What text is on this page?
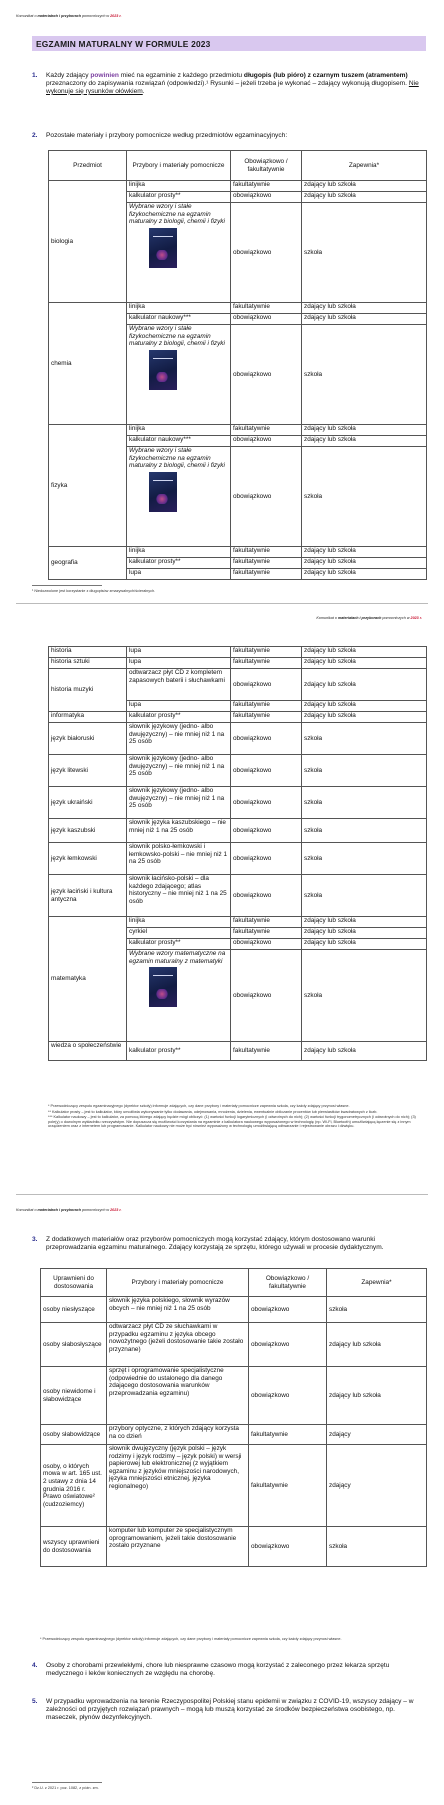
Komunikat o materiałach i przyborach pomocniczych w 2023 r.
EGZAMIN MATURALNY W FORMULE 2023
1. Każdy zdający powinien mieć na egzaminie z każdego przedmiotu długopis (lub pióro) z czarnym tuszem (atramentem) przeznaczony do zapisywania rozwiązań (odpowiedzi).¹ Rysunki – jeżeli trzeba je wykonać – zdający wykonują długopisem. Nie wykonuje się rysunków ołówkiem.
2. Pozostałe materiały i przybory pomocnicze według przedmiotów egzaminacyjnych:
Przedmiot	Przybory i materiały pomocnicze	Obowiązkowo / fakultatywnie	Zapewnia*
biologia	linijka	fakultatywnie	zdający lub szkoła
	kalkulator prosty**	obowiązkowo	zdający lub szkoła
	Wybrane wzory i stałe fizykochemiczne na egzamin maturalny z biologii, chemii i fizyki	obowiązkowo	szkoła
chemia	linijka	fakultatywnie	zdający lub szkoła
	kalkulator naukowy***	obowiązkowo	zdający lub szkoła
	Wybrane wzory i stałe fizykochemiczne na egzamin maturalny z biologii, chemii i fizyki	obowiązkowo	szkoła
fizyka	linijka	fakultatywnie	zdający lub szkoła
	kalkulator naukowy***	obowiązkowo	zdający lub szkoła
	Wybrane wzory i stałe fizykochemiczne na egzamin maturalny z biologii, chemii i fizyki	obowiązkowo	szkoła
geografia	linijka	fakultatywnie	zdający lub szkoła
	kalkulator prosty**	fakultatywnie	zdający lub szkoła
	lupa	fakultatywnie	zdający lub szkoła
¹ Niedozwolone jest korzystanie z długopisów zmazywalnych/ścieralnych.
Komunikat o materiałach i przyborach pomocniczych w 2023 r.
historia	lupa	fakultatywnie	zdający lub szkoła
historia sztuki	lupa	fakultatywnie	zdający lub szkoła
historia muzyki	odtwarzacz płyt CD z kompletem zapasowych baterii i słuchawkami	obowiązkowo	zdający lub szkoła
	lupa	fakultatywnie	zdający lub szkoła
informatyka	kalkulator prosty**	fakultatywnie	zdający lub szkoła
język białoruski	słownik językowy (jedno- albo dwujęzyczny) – nie mniej niż 1 na 25 osób	obowiązkowo	szkoła
język litewski	słownik językowy (jedno- albo dwujęzyczny) – nie mniej niż 1 na 25 osób	obowiązkowo	szkoła
język ukraiński	słownik językowy (jedno- albo dwujęzyczny) – nie mniej niż 1 na 25 osób	obowiązkowo	szkoła
język kaszubski	słownik języka kaszubskiego – nie mniej niż 1 na 25 osób	obowiązkowo	szkoła
język łemkowski	słownik polsko-łemkowski i łemkowsko-polski – nie mniej niż 1 na 25 osób	obowiązkowo	szkoła
język łaciński i kultura antyczna	słownik łacińsko-polski – dla każdego zdającego; atlas historyczny – nie mniej niż 1 na 25 osób	obowiązkowo	szkoła
matematyka	linijka	fakultatywnie	zdający lub szkoła
	cyrkiel	fakultatywnie	zdający lub szkoła
	kalkulator prosty**	obowiązkowo	zdający lub szkoła
	Wybrane wzory matematyczne na egzamin maturalny z matematyki	obowiązkowo	szkoła
wiedza o społeczeństwie	kalkulator prosty**	fakultatywnie	zdający lub szkoła
* Przewodniczący zespołu egzaminacyjnego (dyrektor szkoły) informuje zdających, czy dane przybory i materiały pomocnicze zapewnia szkoła, czy każdy zdający przynosi własne.
** Kalkulator prosty – jest to kalkulator, który umożliwia wykonywanie tylko dodawania, odejmowania, mnożenia, dzielenia, ewentualnie obliczanie procentów lub pierwiastków kwadratowych z liczb.
*** Kalkulator naukowy – jest to kalkulator, za pomocą którego zdający będzie mógł obliczyć: (1) wartości funkcji logarytmicznych (i odwrotnych do nich); (2) wartości funkcji trygonometrycznych (i odwrotnych do nich); (3) pole(y) o dowolnym wykładniku rzeczywistym. Nie dopuszcza się możliwości korzystania na egzaminie z kalkulatora naukowego wyposażonego w technologię (np. Wi-Fi, Bluetooth) umożliwiającą łączenie się z innym urządzeniem oraz z internetem lub programowanie. Kalkulator naukowy nie może być również wyposażony w technologię umożliwiającą odtwarzanie i rejestrowanie obrazu i dźwięku.
Komunikat o materiałach i przyborach pomocniczych w 2023 r.
3. Z dodatkowych materiałów oraz przyborów pomocniczych mogą korzystać zdający, którym dostosowano warunki przeprowadzania egzaminu maturalnego. Zdający korzystają ze sprzętu, którego używali w procesie dydaktycznym.
Uprawnieni do dostosowania	Przybory i materiały pomocnicze	Obowiązkowo / fakultatywnie	Zapewnia*
osoby niesłyszące	słownik języka polskiego, słownik wyrazów obcych – nie mniej niż 1 na 25 osób	obowiązkowo	szkoła
osoby słabosłyszące	odtwarzacz płyt CD ze słuchawkami w przypadku egzaminu z języka obcego nowożytnego (jeżeli dostosowanie takie zostało przyznane)	obowiązkowo	zdający lub szkoła
osoby niewidome i słabowidzące	sprzęt i oprogramowanie specjalistyczne (odpowiednie do ustalonego dla danego zdającego dostosowania warunków przeprowadzania egzaminu)	obowiązkowo	zdający lub szkoła
osoby słabowidzące	przybory optyczne, z których zdający korzysta na co dzień	fakultatywnie	zdający
osoby, o których mowa w art. 165 ust. 2 ustawy z dnia 14 grudnia 2016 r. Prawo oświatowe² (cudzoziemcy)	słownik dwujęzyczny (język polski – język rodzimy i język rodzimy – język polski) w wersji papierowej lub elektronicznej (z wyjątkiem egzaminu z języków mniejszości narodowych, języka mniejszości etnicznej, języka regionalnego)	fakultatywnie	zdający
wszyscy uprawnieni do dostosowania	komputer lub komputer ze specjalistycznym oprogramowaniem, jeżeli takie dostosowanie zostało przyznane	obowiązkowo	szkoła
* Przewodniczący zespołu egzaminacyjnego (dyrektor szkoły) informuje zdających, czy dane przybory i materiały pomocnicze zapewnia szkoła, czy każdy zdający przynosi własne.
4. Osoby z chorobami przewlekłymi, chore lub niesprawne czasowo mogą korzystać z zaleconego przez lekarza sprzętu medycznego i leków koniecznych ze względu na chorobę.
5. W przypadku wprowadzenia na terenie Rzeczypospolitej Polskiej stanu epidemii w związku z COVID-19, wszyscy zdający – w zależności od przyjętych rozwiązań prawnych – mogą lub muszą korzystać ze środków bezpieczeństwa osobistego, np. maseczek, płynów dezynfekcyjnych.
² Dz.U. z 2021 r. poz. 1082, z późn. zm.
